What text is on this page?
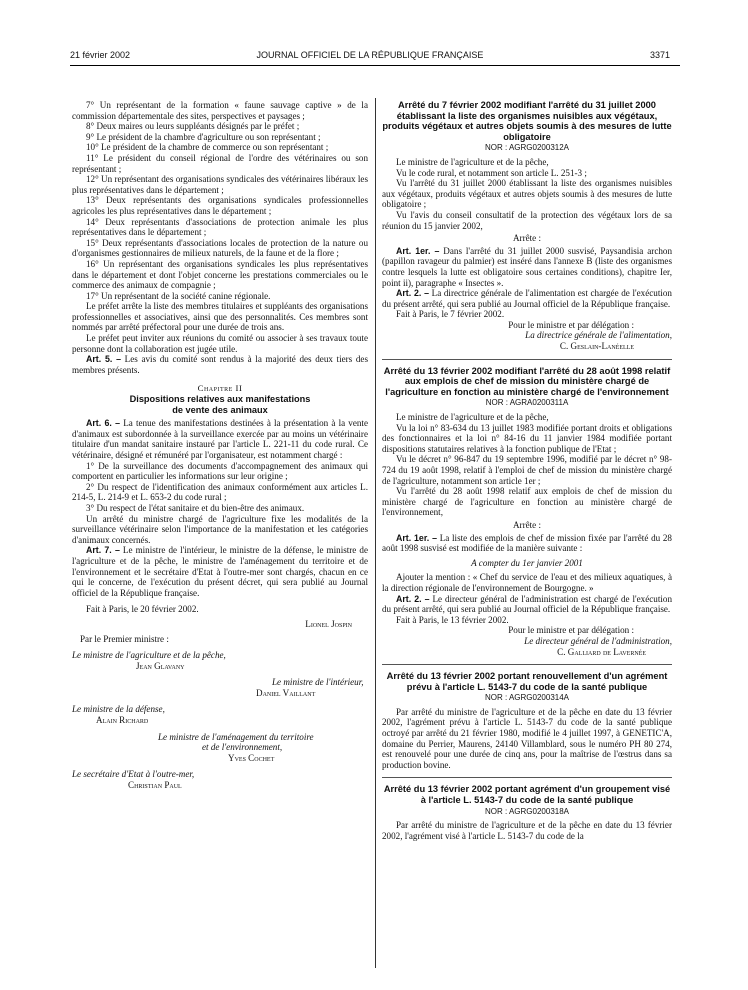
21 février 2002	JOURNAL OFFICIEL DE LA RÉPUBLIQUE FRANÇAISE	3371

7° Un représentant de la formation « faune sauvage captive » de la commission départementale des sites, perspectives et paysages ;

8° Deux maires ou leurs suppléants désignés par le préfet ;

9° Le président de la chambre d'agriculture ou son représentant ;

10° Le président de la chambre de commerce ou son représentant ;

11° Le président du conseil régional de l'ordre des vétérinaires ou son représentant ;

12° Un représentant des organisations syndicales des vétérinaires libéraux les plus représentatives dans le département ;

13° Deux représentants des organisations syndicales professionnelles agricoles les plus représentatives dans le département ;

14° Deux représentants d'associations de protection animale les plus représentatives dans le département ;

15° Deux représentants d'associations locales de protection de la nature ou d'organismes gestionnaires de milieux naturels, de la faune et de la flore ;

16° Un représentant des organisations syndicales les plus représentatives dans le département et dont l'objet concerne les prestations commerciales ou le commerce des animaux de compagnie ;

17° Un représentant de la société canine régionale.

Le préfet arrête la liste des membres titulaires et suppléants des organisations professionnelles et associatives, ainsi que des personnalités. Ces membres sont nommés par arrêté préfectoral pour une durée de trois ans.

Le préfet peut inviter aux réunions du comité ou associer à ses travaux toute personne dont la collaboration est jugée utile.

Art. 5. – Les avis du comité sont rendus à la majorité des deux tiers des membres présents.

Chapitre II
Dispositions relatives aux manifestations
de vente des animaux

Art. 6. – La tenue des manifestations destinées à la présentation à la vente d'animaux est subordonnée à la surveillance exercée par au moins un vétérinaire titulaire d'un mandat sanitaire instauré par l'article L. 221-11 du code rural. Ce vétérinaire, désigné et rémunéré par l'organisateur, est notamment chargé :

1° De la surveillance des documents d'accompagnement des animaux qui comportent en particulier les informations sur leur origine ;

2° Du respect de l'identification des animaux conformément aux articles L. 214-5, L. 214-9 et L. 653-2 du code rural ;

3° Du respect de l'état sanitaire et du bien-être des animaux.

Un arrêté du ministre chargé de l'agriculture fixe les modalités de la surveillance vétérinaire selon l'importance de la manifestation et les catégories d'animaux concernés.

Art. 7. – Le ministre de l'intérieur, le ministre de la défense, le ministre de l'agriculture et de la pêche, le ministre de l'aménagement du territoire et de l'environnement et le secrétaire d'Etat à l'outre-mer sont chargés, chacun en ce qui le concerne, de l'exécution du présent décret, qui sera publié au Journal officiel de la République française.

Fait à Paris, le 20 février 2002.

Lionel Jospin

Par le Premier ministre :

Le ministre de l'agriculture et de la pêche,

Jean Glavany

Le ministre de l'intérieur,

Daniel Vaillant

Le ministre de la défense,

Alain Richard

Le ministre de l'aménagement du territoire

et de l'environnement,

Yves Cochet

Le secrétaire d'Etat à l'outre-mer,

Christian Paul

Arrêté du 7 février 2002 modifiant l'arrêté du 31 juillet 2000 établissant la liste des organismes nuisibles aux végétaux, produits végétaux et autres objets soumis à des mesures de lutte obligatoire

NOR : AGRG0200312A

Le ministre de l'agriculture et de la pêche,

Vu le code rural, et notamment son article L. 251-3 ;

Vu l'arrêté du 31 juillet 2000 établissant la liste des organismes nuisibles aux végétaux, produits végétaux et autres objets soumis à des mesures de lutte obligatoire ;

Vu l'avis du conseil consultatif de la protection des végétaux lors de sa réunion du 15 janvier 2002,

Arrête :

Art. 1er. – Dans l'arrêté du 31 juillet 2000 susvisé, Paysandisia archon (papillon ravageur du palmier) est inséré dans l'annexe B (liste des organismes contre lesquels la lutte est obligatoire sous certaines conditions), chapitre Ier, point ii), paragraphe « Insectes ».

Art. 2. – La directrice générale de l'alimentation est chargée de l'exécution du présent arrêté, qui sera publié au Journal officiel de la République française.

Fait à Paris, le 7 février 2002.

Pour le ministre et par délégation :

La directrice générale de l'alimentation,

C. Geslain-Lanéelle

Arrêté du 13 février 2002 modifiant l'arrêté du 28 août 1998 relatif aux emplois de chef de mission du ministère chargé de l'agriculture en fonction au ministère chargé de l'environnement

NOR : AGRA0200311A

Le ministre de l'agriculture et de la pêche,

Vu la loi n° 83-634 du 13 juillet 1983 modifiée portant droits et obligations des fonctionnaires et la loi n° 84-16 du 11 janvier 1984 modifiée portant dispositions statutaires relatives à la fonction publique de l'Etat ;

Vu le décret n° 96-847 du 19 septembre 1996, modifié par le décret n° 98-724 du 19 août 1998, relatif à l'emploi de chef de mission du ministère chargé de l'agriculture, notamment son article 1er ;

Vu l'arrêté du 28 août 1998 relatif aux emplois de chef de mission du ministère chargé de l'agriculture en fonction au ministère chargé de l'environnement,

Arrête :

Art. 1er. – La liste des emplois de chef de mission fixée par l'arrêté du 28 août 1998 susvisé est modifiée de la manière suivante :

A compter du 1er janvier 2001

Ajouter la mention : « Chef du service de l'eau et des milieux aquatiques, à la direction régionale de l'environnement de Bourgogne. »

Art. 2. – Le directeur général de l'administration est chargé de l'exécution du présent arrêté, qui sera publié au Journal officiel de la République française.

Fait à Paris, le 13 février 2002.

Pour le ministre et par délégation :

Le directeur général de l'administration,

C. Galliard de Lavernée

Arrêté du 13 février 2002 portant renouvellement d'un agrément prévu à l'article L. 5143-7 du code de la santé publique

NOR : AGRG0200314A

Par arrêté du ministre de l'agriculture et de la pêche en date du 13 février 2002, l'agrément prévu à l'article L. 5143-7 du code de la santé publique octroyé par arrêté du 21 février 1980, modifié le 4 juillet 1997, à GENETIC'A, domaine du Perrier, Maurens, 24140 Villamblard, sous le numéro PH 80 274, est renouvelé pour une durée de cinq ans, pour la maîtrise de l'œstrus dans sa production bovine.

Arrêté du 13 février 2002 portant agrément d'un groupement visé à l'article L. 5143-7 du code de la santé publique

NOR : AGRG0200318A

Par arrêté du ministre de l'agriculture et de la pêche en date du 13 février 2002, l'agrément visé à l'article L. 5143-7 du code de la
